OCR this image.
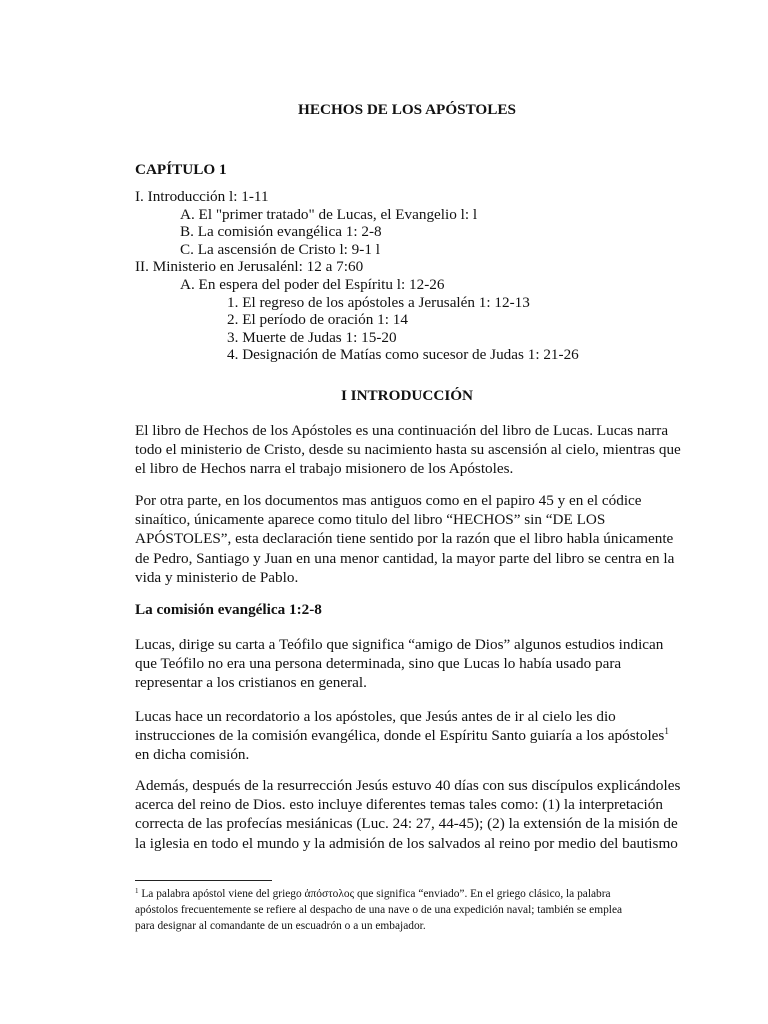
HECHOS DE LOS APÓSTOLES
CAPÍTULO 1
I. Introducción l: 1-11
A. El "primer tratado" de Lucas, el Evangelio l: l
B. La comisión evangélica 1: 2-8
C. La ascensión de Cristo l: 9-1 l
II. Ministerio en Jerusalénl: 12 a 7:60
A. En espera del poder del Espíritu l: 12-26
1. El regreso de los apóstoles a Jerusalén 1: 12-13
2. El período de oración 1: 14
3. Muerte de Judas 1: 15-20
4. Designación de Matías como sucesor de Judas 1: 21-26
I INTRODUCCIÓN

El libro de Hechos de los Apóstoles es una continuación del libro de Lucas. Lucas narra
todo el ministerio de Cristo, desde su nacimiento hasta su ascensión al cielo, mientras que
el libro de Hechos narra el trabajo misionero de los Apóstoles.

Por otra parte, en los documentos mas antiguos como en el papiro 45 y en el códice
sinaítico, únicamente aparece como titulo del libro “HECHOS” sin “DE LOS
APÓSTOLES”, esta declaración tiene sentido por la razón que el libro habla únicamente
de Pedro, Santiago y Juan en una menor cantidad, la mayor parte del libro se centra en la
vida y ministerio de Pablo.

La comisión evangélica 1:2-8

Lucas, dirige su carta a Teófilo que significa “amigo de Dios” algunos estudios indican
que Teófilo no era una persona determinada, sino que Lucas lo había usado para
representar a los cristianos en general.

Lucas hace un recordatorio a los apóstoles, que Jesús antes de ir al cielo les dio
instrucciones de la comisión evangélica, donde el Espíritu Santo guiaría a los apóstoles$^1$
en dicha comisión.

Además, después de la resurrección Jesús estuvo 40 días con sus discípulos explicándoles
acerca del reino de Dios. esto incluye diferentes temas tales como: (1) la interpretación
correcta de las profecías mesiánicas (Luc. 24: 27, 44-45); (2) la extensión de la misión de
la iglesia en todo el mundo y la admisión de los salvados al reino por medio del bautismo

$^1$ La palabra apóstol viene del griego ἀπόστολος que significa “enviado”. En el griego clásico, la palabra
apóstolos frecuentemente se refiere al despacho de una nave o de una expedición naval; también se emplea
para designar al comandante de un escuadrón o a un embajador.
